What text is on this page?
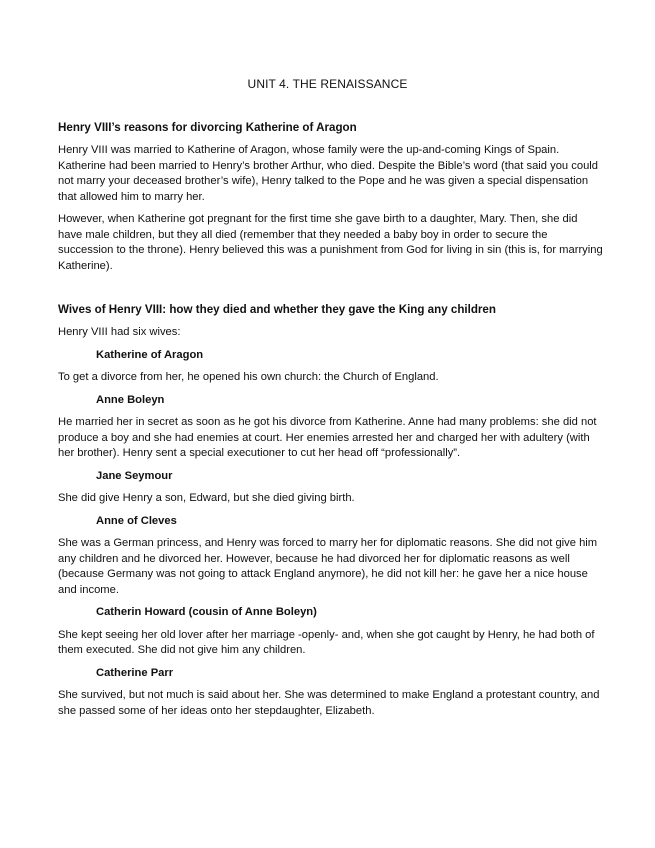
UNIT 4. THE RENAISSANCE
Henry VIII’s reasons for divorcing Katherine of Aragon

Henry VIII was married to Katherine of Aragon, whose family were the up-and-coming Kings of Spain. Katherine had been married to Henry’s brother Arthur, who died. Despite the Bible’s word (that said you could not marry your deceased brother’s wife), Henry talked to the Pope and he was given a special dispensation that allowed him to marry her.

However, when Katherine got pregnant for the first time she gave birth to a daughter, Mary. Then, she did have male children, but they all died (remember that they needed a baby boy in order to secure the succession to the throne). Henry believed this was a punishment from God for living in sin (this is, for marrying Katherine).

Wives of Henry VIII: how they died and whether they gave the King any children

Henry VIII had six wives:

Katherine of Aragon

To get a divorce from her, he opened his own church: the Church of England.

Anne Boleyn

He married her in secret as soon as he got his divorce from Katherine. Anne had many problems: she did not produce a boy and she had enemies at court. Her enemies arrested her and charged her with adultery (with her brother). Henry sent a special executioner to cut her head off “professionally”.

Jane Seymour

She did give Henry a son, Edward, but she died giving birth.

Anne of Cleves

She was a German princess, and Henry was forced to marry her for diplomatic reasons. She did not give him any children and he divorced her. However, because he had divorced her for diplomatic reasons as well (because Germany was not going to attack England anymore), he did not kill her: he gave her a nice house and income.

Catherin Howard (cousin of Anne Boleyn)

She kept seeing her old lover after her marriage -openly- and, when she got caught by Henry, he had both of them executed. She did not give him any children.

Catherine Parr

She survived, but not much is said about her. She was determined to make England a protestant country, and she passed some of her ideas onto her stepdaughter, Elizabeth.
